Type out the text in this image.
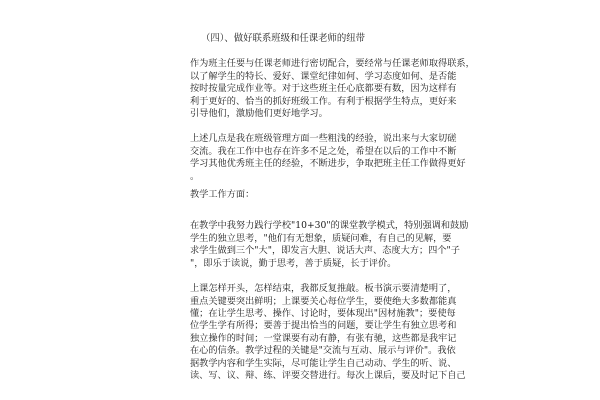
（四）、做好联系班级和任课老师的纽带
作为班主任要与任课老师进行密切配合，要经常与任课老师取得联系，
以了解学生的特长、爱好、课堂纪律如何、学习态度如何、是否能
按时按量完成作业等。对于这些班主任心底都要有数，因为这样有
利于更好的、恰当的抓好班级工作。有利于根据学生特点，更好来
引导他们，激励他们更好地学习。
上述几点是我在班级管理方面一些粗浅的经验，说出来与大家切磋
交流。我在工作中也存在许多不足之处，希望在以后的工作中不断
学习其他优秀班主任的经验，不断进步，争取把班主任工作做得更好
。
教学工作方面：
在教学中我努力践行学校"10+30"的课堂教学模式，特别强调和鼓励
学生的独立思考，"他们有无想象，质疑问难，有自己的见解，要
求学生做到三个"大"，即发言大胆、说话大声、态度大方；四个"子
"，即乐于读说，勤于思考，善于质疑，长于评价。
上课怎样开头，怎样结束，我都反复推敲。板书演示要清楚明了，
重点关键要突出鲜明；上课要关心每位学生，要使绝大多数都能真
懂；在让学生思考、操作、讨论时，要体现出"因材施教"；要使每
位学生学有所得；要善于提出恰当的问题，要让学生有独立思考和
独立操作的时间；一堂课要有动有静，有张有驰，这些都是我牢记
在心的信条。教学过程的关键是"交流与互动、展示与评价"。我依
据教学内容和学生实际，尽可能让学生自己动动、学生的听、说、
读、写、议、辩、练、评要交替进行。每次上课后，要及时记下自己
